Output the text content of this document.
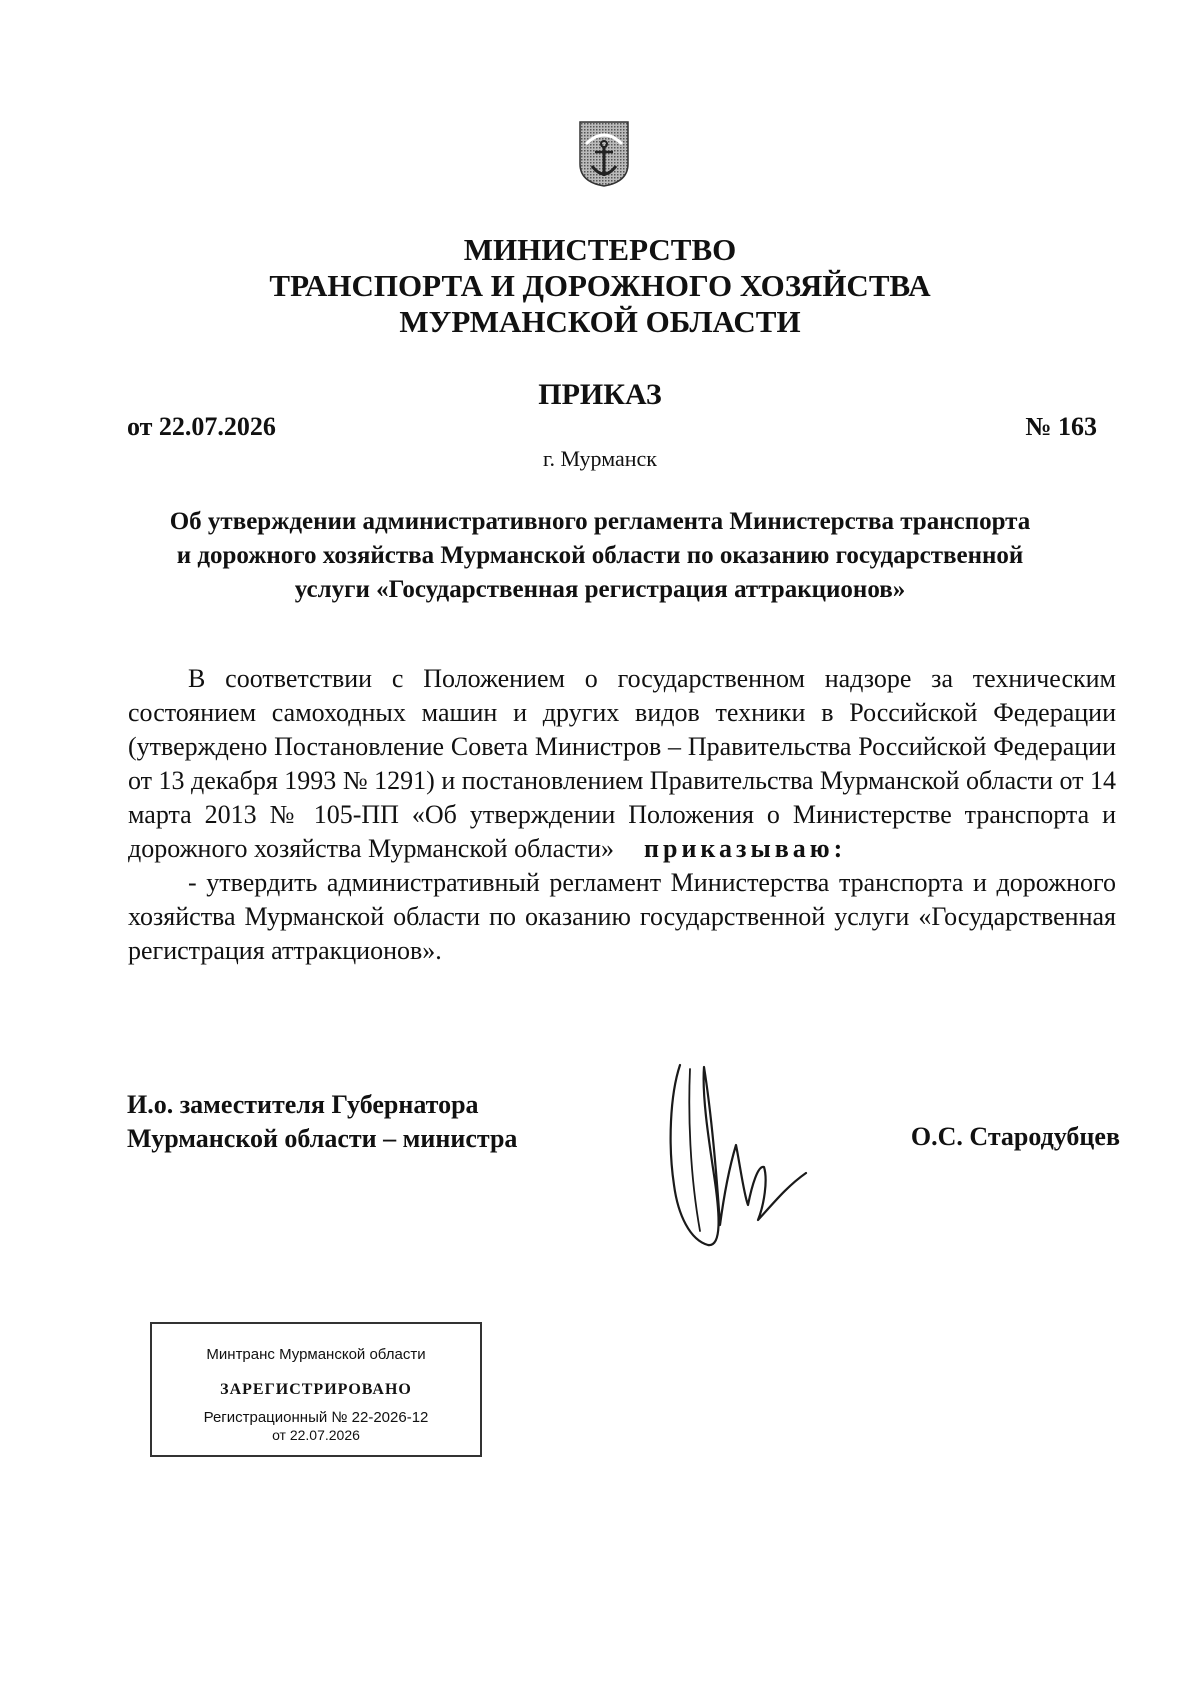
МИНИСТЕРСТВО
ТРАНСПОРТА И ДОРОЖНОГО ХОЗЯЙСТВА
МУРМАНСКОЙ ОБЛАСТИ
ПРИКАЗ
от 22.07.2026	№ 163
г. Мурманск
Об утверждении административного регламента Министерства транспорта
и дорожного хозяйства Мурманской области по оказанию государственной
услуги «Государственная регистрация аттракционов»

В соответствии с Положением о государственном надзоре за техническим состоянием самоходных машин и других видов техники в Российской Федерации (утверждено Постановление Совета Министров – Правительства Российской Федерации от 13 декабря 1993 № 1291) и постановлением Правительства Мурманской области от 14 марта 2013 № 105-ПП «Об утверждении Положения о Министерстве транспорта и дорожного хозяйства Мурманской области» приказываю:

- утвердить административный регламент Министерства транспорта и дорожного хозяйства Мурманской области по оказанию государственной услуги «Государственная регистрация аттракционов».

И.о. заместителя Губернатора
Мурманской области – министра	О.С. Стародубцев
Минтранс Мурманской области
ЗАРЕГИСТРИРОВАНО
Регистрационный № 22-2026-12
от 22.07.2026
